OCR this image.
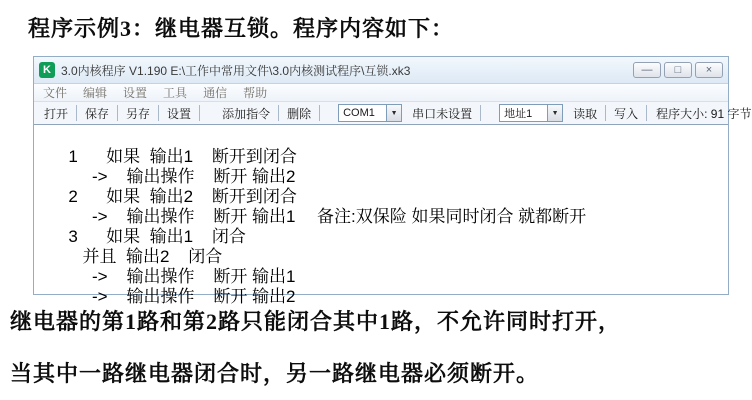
程序示例3：继电器互锁。程序内容如下：
K 3.0内核程序 V1.190 E:\工作中常用文件\3.0内核测试程序\互锁.xk3	— □ ×
文件 编辑 设置 工具 通信 帮助
打开	保存	另存	设置	添加指令	删除	COM1	▼	串口未设置	地址1	▼	读取	写入	程序大小: 91 字节

1      如果  输出1    断开到闭合

->    输出操作    断开 输出2

2      如果  输出2    断开到闭合

->    输出操作    断开 输出1

3      如果  输出1    闭合

备注:双保险 如果同时闭合 就都断开

并且  输出2    闭合

->    输出操作    断开 输出1

->    输出操作    断开 输出2

继电器的第1路和第2路只能闭合其中1路，不允许同时打开，
当其中一路继电器闭合时，另一路继电器必须断开。
